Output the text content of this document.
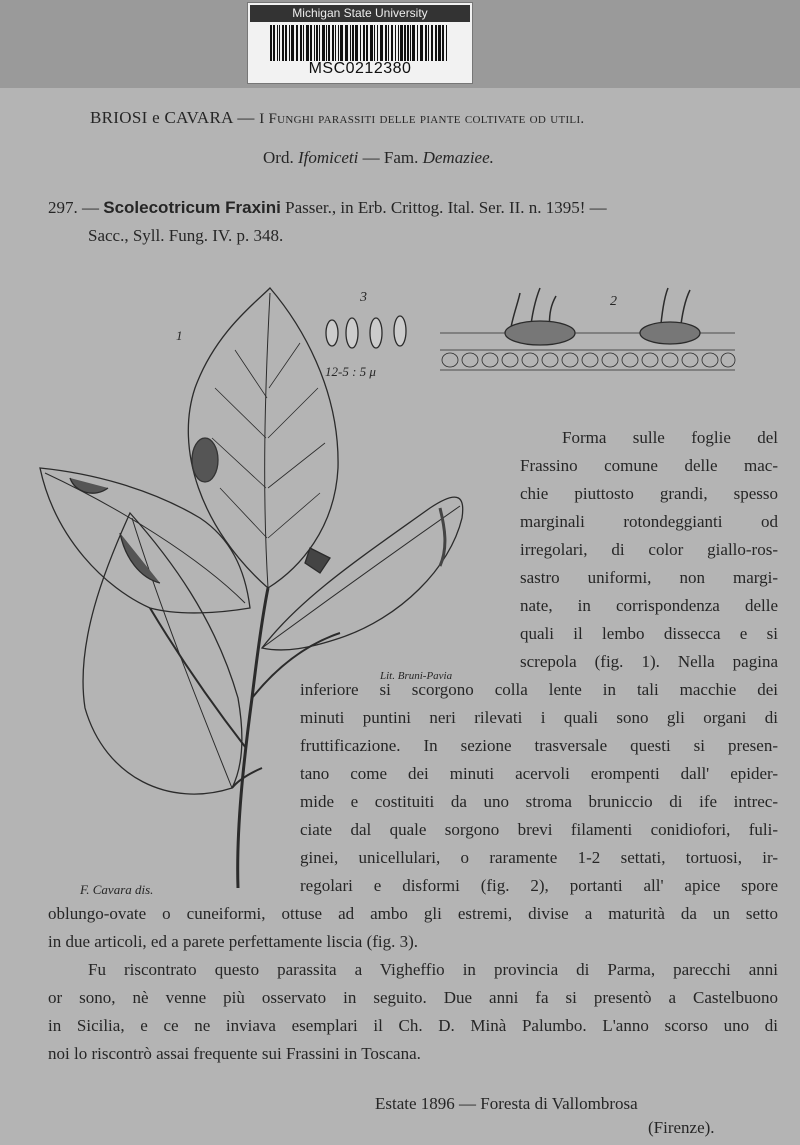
Michigan State University
MSC0212380
BRIOSI e CAVARA — I Funghi parassiti delle piante coltivate od utili.
Ord. Ifomiceti — Fam. Demaziee.
297. — Scolecotricum Fraxini Passer., in Erb. Crittog. Ital. Ser. II. n. 1395! —
Sacc., Syll. Fung. IV. p. 348.
1
2
3
12-5 : 5 μ
Lit. Bruni-Pavia
F. Cavara dis.
Forma sulle foglie del
Frassino comune delle mac-
chie piuttosto grandi, spesso
marginali rotondeggianti od
irregolari, di color giallo-ros-
sastro uniformi, non margi-
nate, in corrispondenza delle
quali il lembo dissecca e si
screpola (fig. 1). Nella pagina
inferiore si scorgono colla lente in tali macchie dei
minuti puntini neri rilevati i quali sono gli organi di
fruttificazione. In sezione trasversale questi si presen-
tano come dei minuti acervoli erompenti dall' epider-
mide e costituiti da uno stroma bruniccio di ife intrec-
ciate dal quale sorgono brevi filamenti conidiofori, fuli-
ginei, unicellulari, o raramente 1-2 settati, tortuosi, ir-
regolari e disformi (fig. 2), portanti all' apice spore
oblungo-ovate o cuneiformi, ottuse ad ambo gli estremi, divise a maturità da un setto
in due articoli, ed a parete perfettamente liscia (fig. 3).
Fu riscontrato questo parassita a Vigheffio in provincia di Parma, parecchi anni
or sono, nè venne più osservato in seguito. Due anni fa si presentò a Castelbuono
in Sicilia, e ce ne inviava esemplari il Ch. D. Minà Palumbo. L'anno scorso uno di
noi lo riscontrò assai frequente sui Frassini in Toscana.
Estate 1896 — Foresta di Vallombrosa
(Firenze).
